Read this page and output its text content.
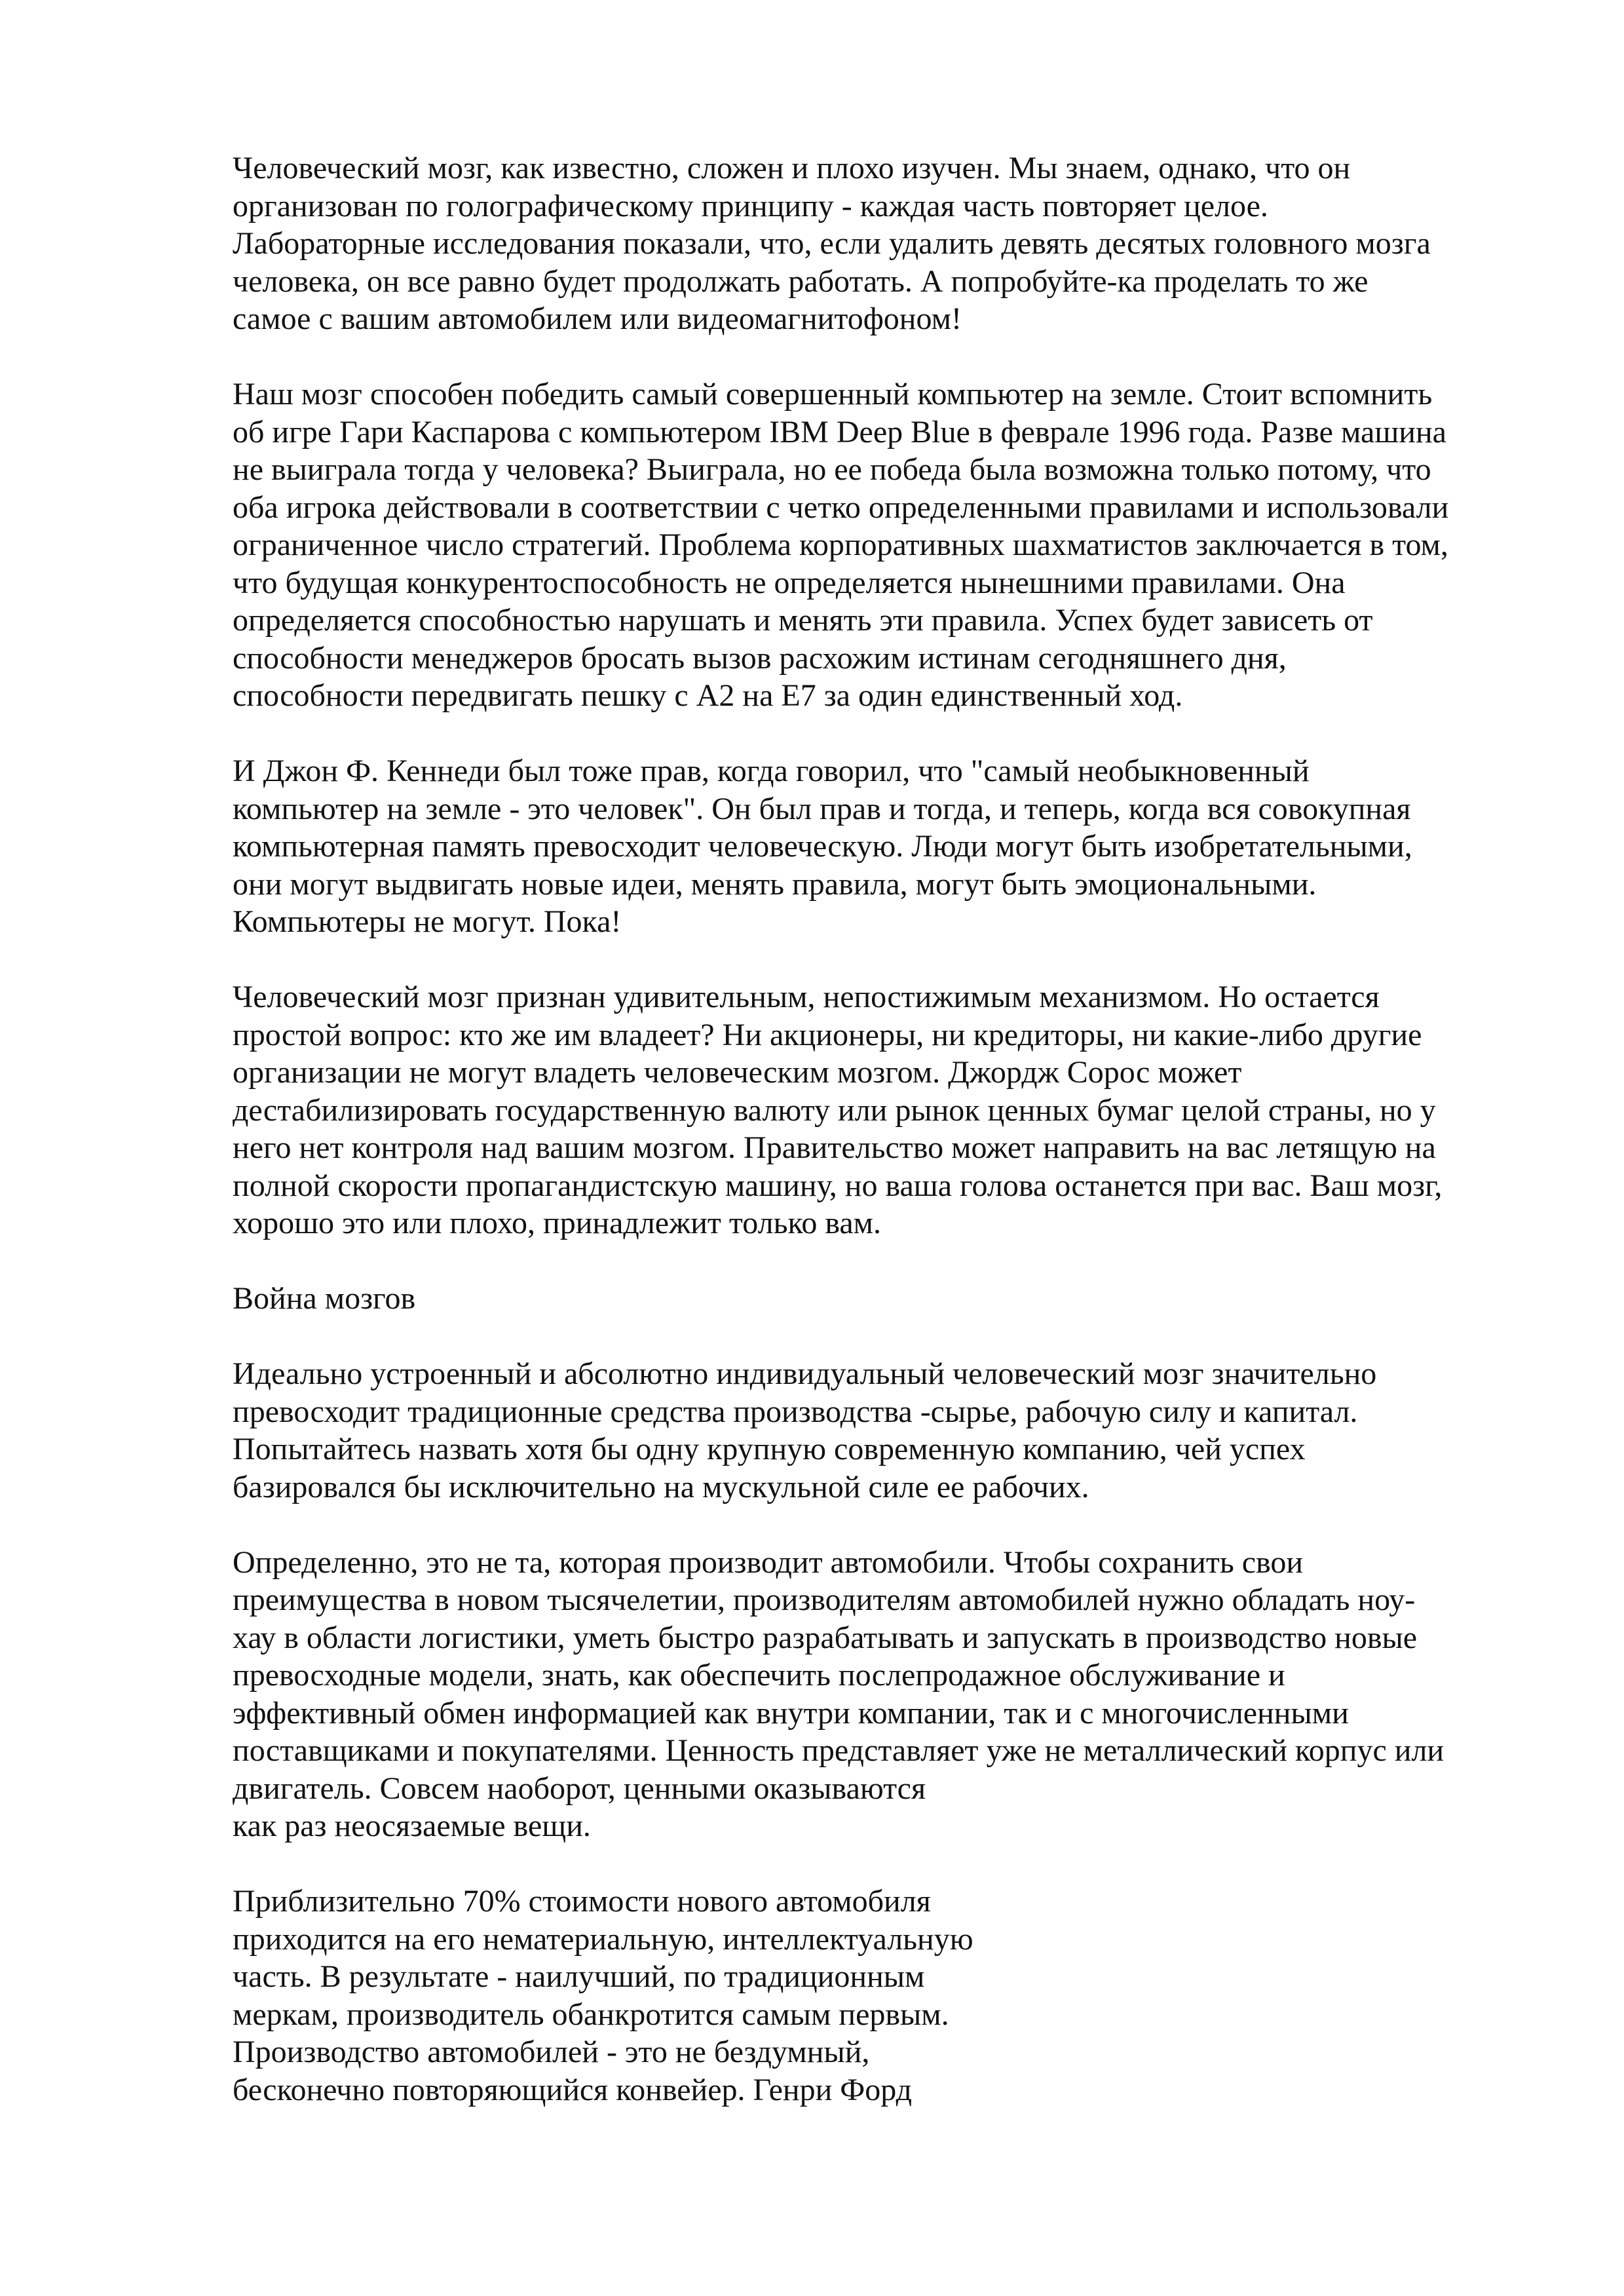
Человеческий мозг, как известно, сложен и плохо изучен. Мы знаем, однако, что он
организован по голографическому принципу - каждая часть повторяет целое.
Лабораторные исследования показали, что, если удалить девять десятых головного мозга
человека, он все равно будет продолжать работать. А попробуйте-ка проделать то же
самое с вашим автомобилем или видеомагнитофоном!
Наш мозг способен победить самый совершенный компьютер на земле. Стоит вспомнить
об игре Гари Каспарова с компьютером IBM Deep Blue в феврале 1996 года. Разве машина
не выиграла тогда у человека? Выиграла, но ее победа была возможна только потому, что
оба игрока действовали в соответствии с четко определенными правилами и использовали
ограниченное число стратегий. Проблема корпоративных шахматистов заключается в том,
что будущая конкурентоспособность не определяется нынешними правилами. Она
определяется способностью нарушать и менять эти правила. Успех будет зависеть от
способности менеджеров бросать вызов расхожим истинам сегодняшнего дня,
способности передвигать пешку с А2 на Е7 за один единственный ход.
И Джон Ф. Кеннеди был тоже прав, когда говорил, что "самый необыкновенный
компьютер на земле - это человек". Он был прав и тогда, и теперь, когда вся совокупная
компьютерная память превосходит человеческую. Люди могут быть изобретательными,
они могут выдвигать новые идеи, менять правила, могут быть эмоциональными.
Компьютеры не могут. Пока!
Человеческий мозг признан удивительным, непостижимым механизмом. Но остается
простой вопрос: кто же им владеет? Ни акционеры, ни кредиторы, ни какие-либо другие
организации не могут владеть человеческим мозгом. Джордж Сорос может
дестабилизировать государственную валюту или рынок ценных бумаг целой страны, но у
него нет контроля над вашим мозгом. Правительство может направить на вас летящую на
полной скорости пропагандистскую машину, но ваша голова останется при вас. Ваш мозг,
хорошо это или плохо, принадлежит только вам.
Война мозгов
Идеально устроенный и абсолютно индивидуальный человеческий мозг значительно
превосходит традиционные средства производства -сырье, рабочую силу и капитал.
Попытайтесь назвать хотя бы одну крупную современную компанию, чей успех
базировался бы исключительно на мускульной силе ее рабочих.
Определенно, это не та, которая производит автомобили. Чтобы сохранить свои
преимущества в новом тысячелетии, производителям автомобилей нужно обладать ноу-
хау в области логистики, уметь быстро разрабатывать и запускать в производство новые
превосходные модели, знать, как обеспечить послепродажное обслуживание и
эффективный обмен информацией как внутри компании, так и с многочисленными
поставщиками и покупателями. Ценность представляет уже не металлический корпус или
двигатель. Совсем наоборот, ценными оказываются
как раз неосязаемые вещи.
Приблизительно 70% стоимости нового автомобиля
приходится на его нематериальную, интеллектуальную
часть. В результате - наилучший, по традиционным
меркам, производитель обанкротится самым первым.
Производство автомобилей - это не бездумный,
бесконечно повторяющийся конвейер. Генри Форд
